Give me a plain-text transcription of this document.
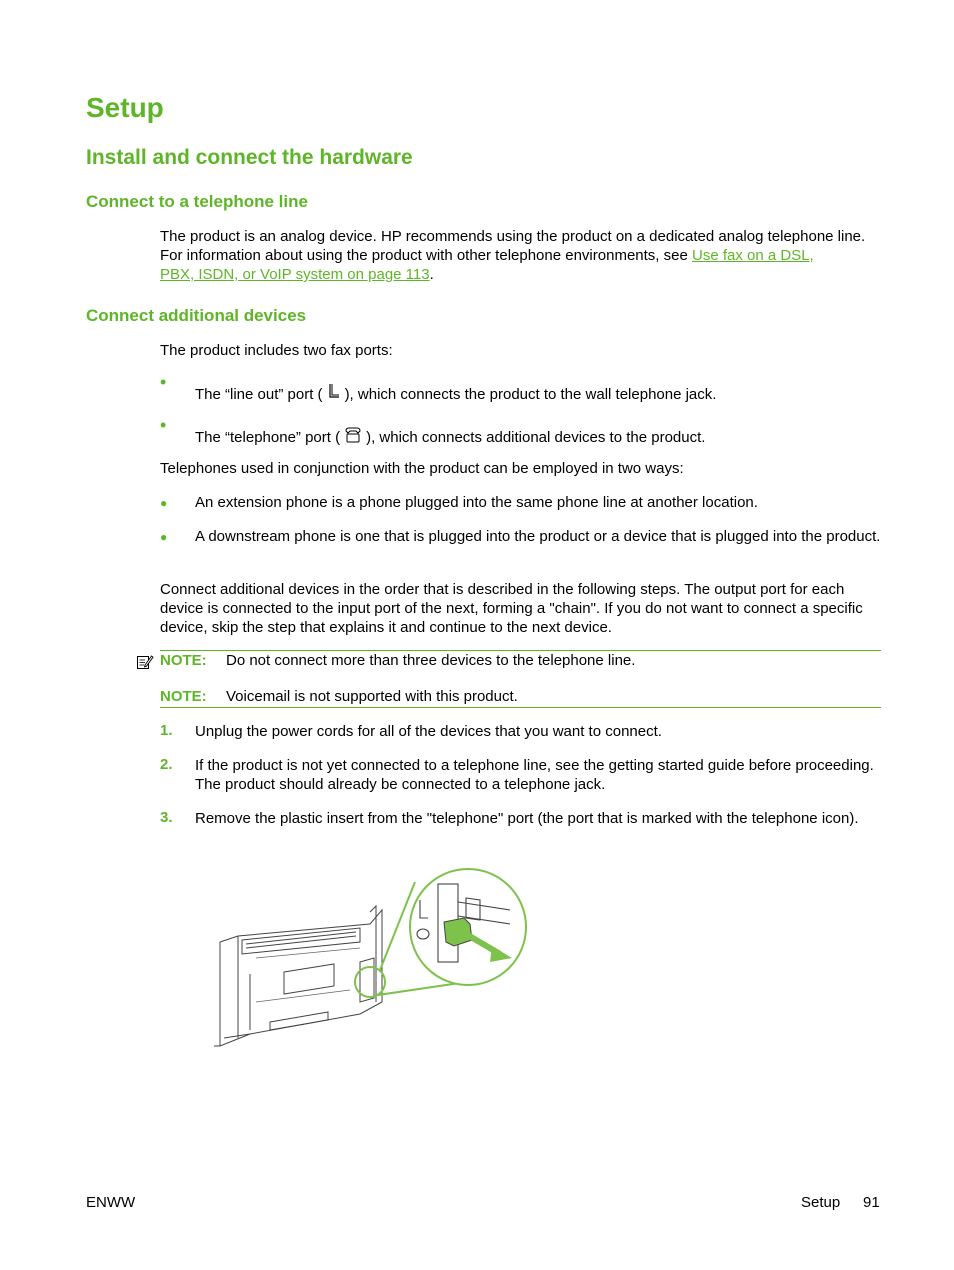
Setup
Install and connect the hardware
Connect to a telephone line
The product is an analog device. HP recommends using the product on a dedicated analog telephone line. For information about using the product with other telephone environments, see Use fax on a DSL,
PBX, ISDN, or VoIP system on page 113.
Connect additional devices
The product includes two fax ports:
•
The “line out” port ( ), which connects the product to the wall telephone jack.
•
The “telephone” port ( ), which connects additional devices to the product.
Telephones used in conjunction with the product can be employed in two ways:
● An extension phone is a phone plugged into the same phone line at another location.
● A downstream phone is one that is plugged into the product or a device that is plugged into the product.
Connect additional devices in the order that is described in the following steps. The output port for each device is connected to the input port of the next, forming a "chain". If you do not want to connect a specific device, skip the step that explains it and continue to the next device.
NOTE: Do not connect more than three devices to the telephone line.
NOTE: Voicemail is not supported with this product.
1. Unplug the power cords for all of the devices that you want to connect.
2. If the product is not yet connected to a telephone line, see the getting started guide before proceeding. The product should already be connected to a telephone jack.
3. Remove the plastic insert from the "telephone" port (the port that is marked with the telephone icon).
ENWW	Setup 91
